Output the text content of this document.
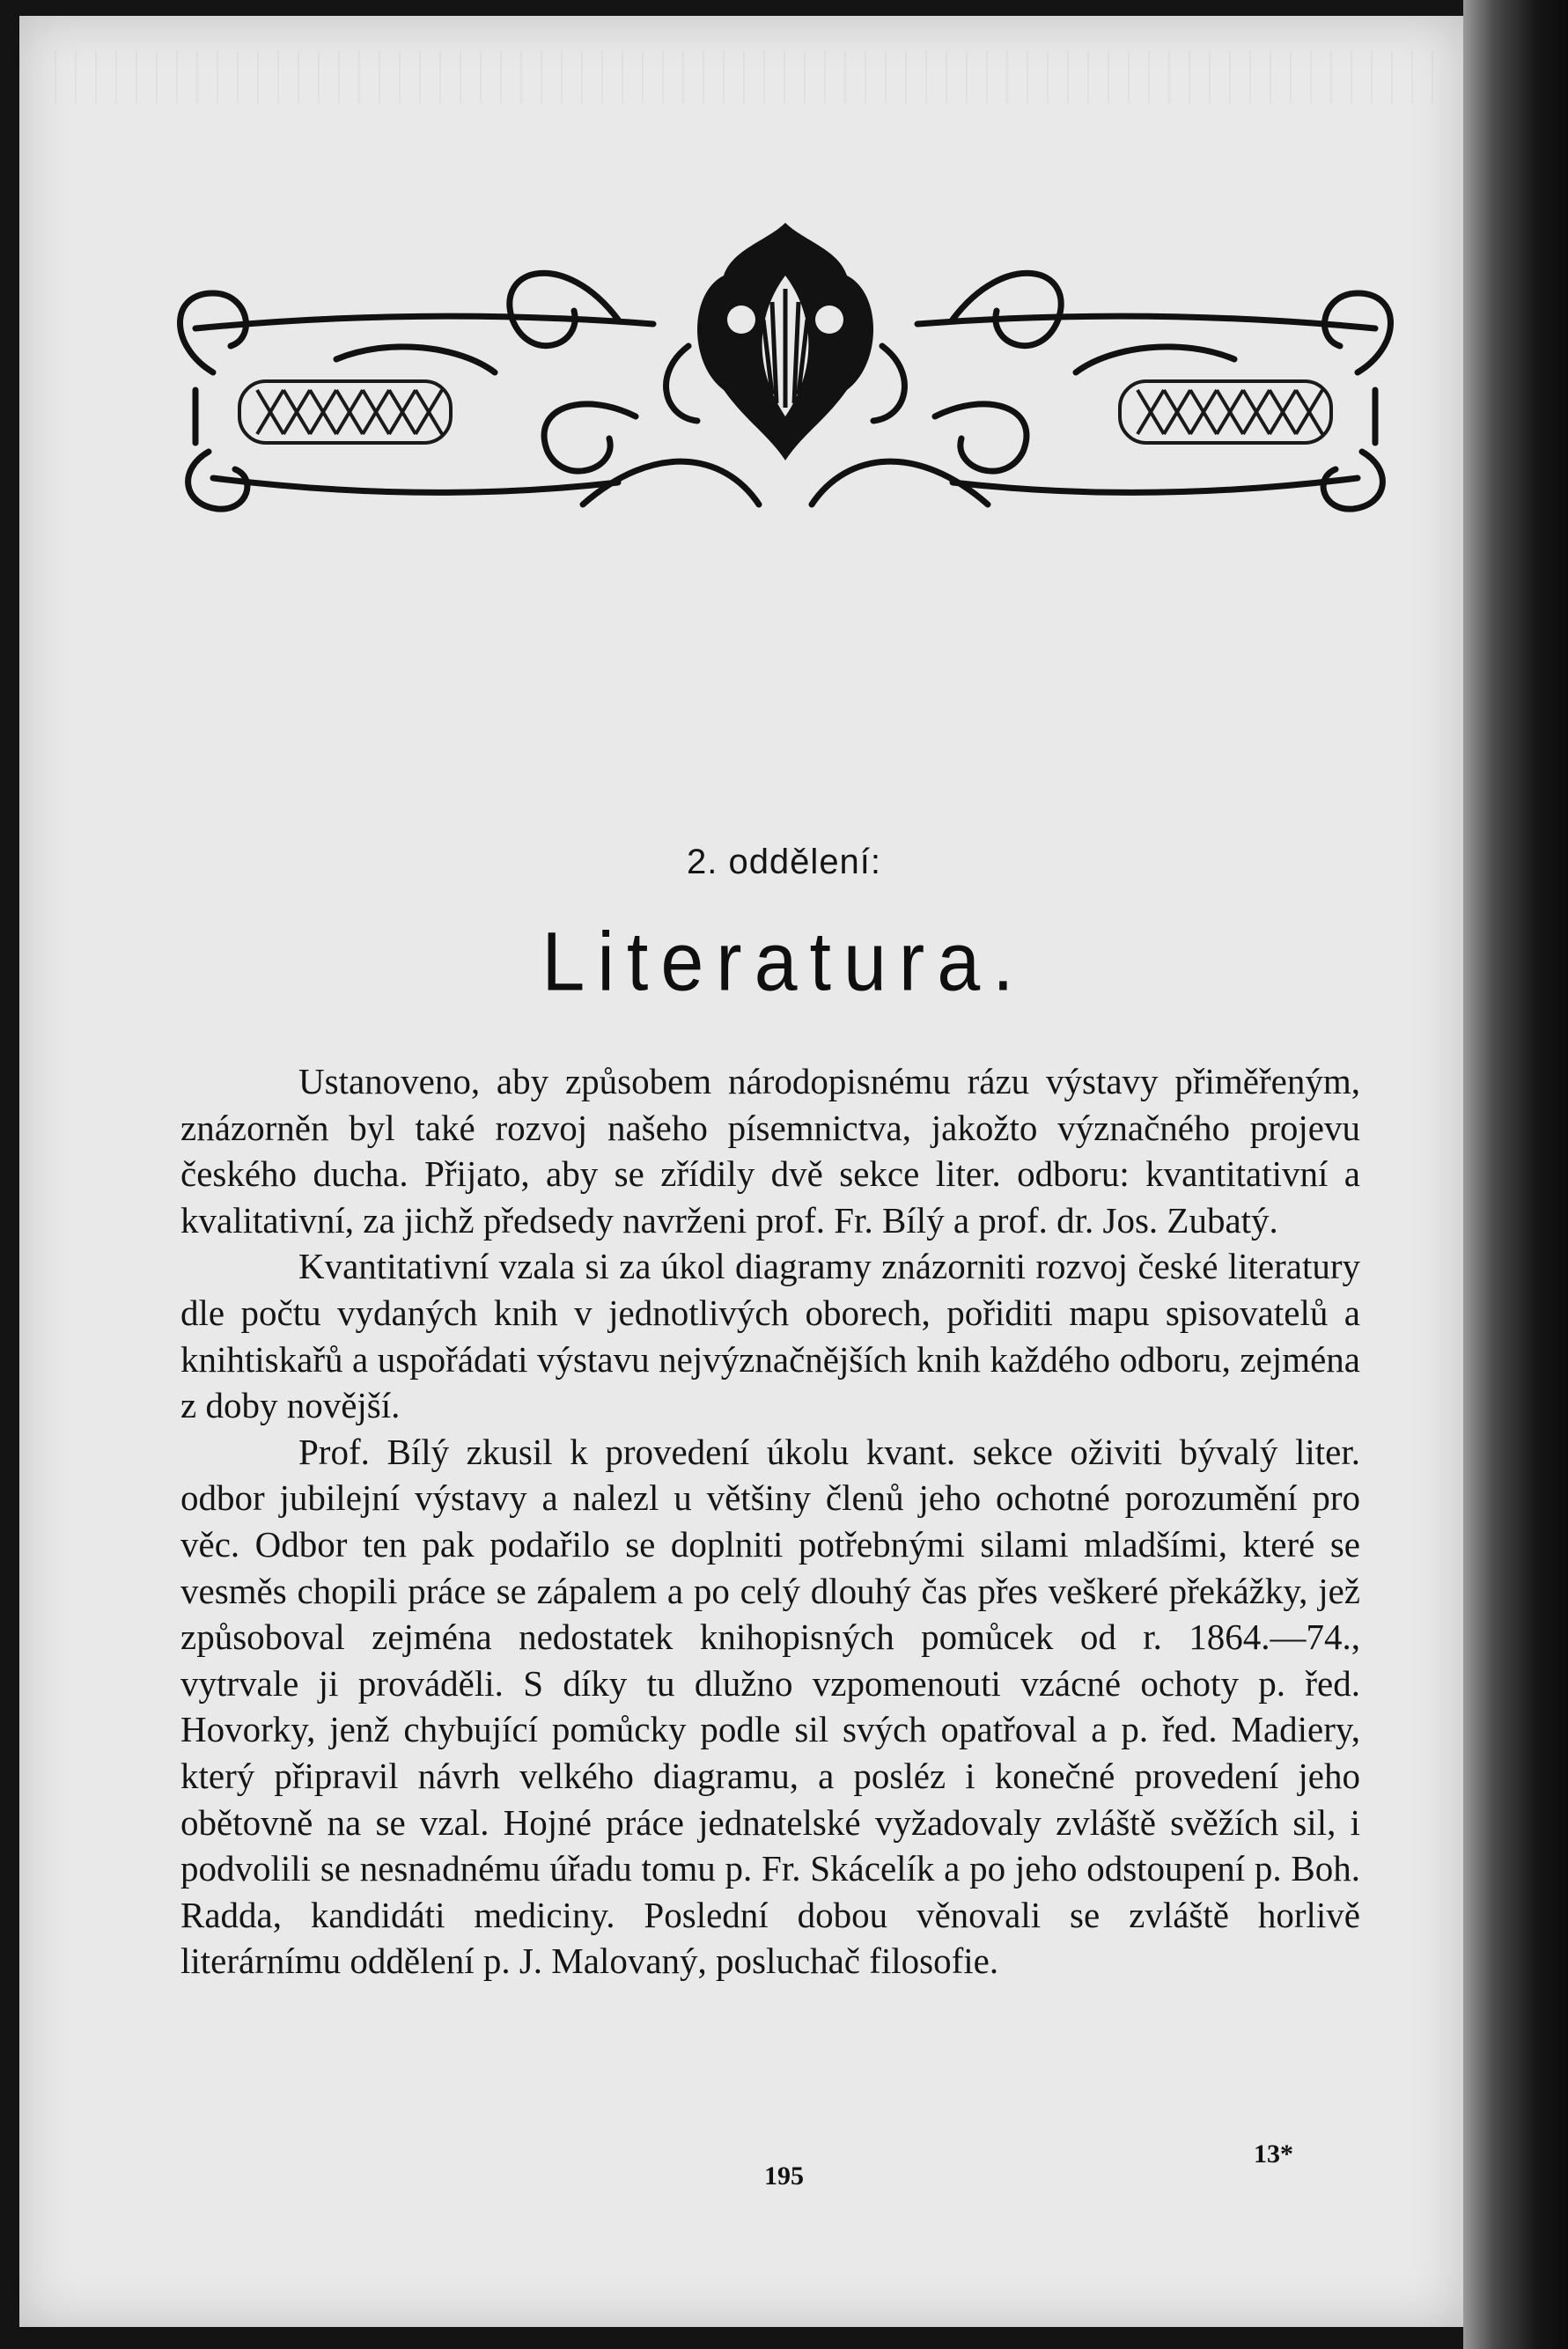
2. oddělení:
Literatura.

Ustanoveno, aby způsobem národopisnému rázu výstavy přiměřeným, znázorněn byl také rozvoj našeho písemnictva, jakožto význačného projevu českého ducha. Přijato, aby se zřídily dvě sekce liter. odboru: kvantitativní a kvalitativní, za jichž předsedy navrženi prof. Fr. Bílý a prof. dr. Jos. Zubatý.

Kvantitativní vzala si za úkol diagramy znázorniti rozvoj české literatury dle počtu vydaných knih v jednotlivých oborech, pořiditi mapu spisovatelů a knihtiskařů a uspořádati výstavu nejvýznačnějších knih každého odboru, zejména z doby novější.

Prof. Bílý zkusil k provedení úkolu kvant. sekce oživiti bývalý liter. odbor jubilejní výstavy a nalezl u většiny členů jeho ochotné porozumění pro věc. Odbor ten pak podařilo se doplniti potřebnými silami mladšími, které se vesměs chopili práce se zápalem a po celý dlouhý čas přes veškeré překážky, jež způsoboval zejména nedostatek knihopisných pomůcek od r. 1864.—74., vytrvale ji prováděli. S díky tu dlužno vzpomenouti vzácné ochoty p. řed. Hovorky, jenž chybující pomůcky podle sil svých opatřoval a p. řed. Madiery, který připravil návrh velkého diagramu, a posléz i konečné provedení jeho obětovně na se vzal. Hojné práce jednatelské vyžadovaly zvláště svěžích sil, i podvolili se nesnadnému úřadu tomu p. Fr. Skácelík a po jeho odstoupení p. Boh. Radda, kandidáti mediciny. Poslední dobou věnovali se zvláště horlivě literárnímu oddělení p. J. Malovaný, posluchač filosofie.

195
13*
